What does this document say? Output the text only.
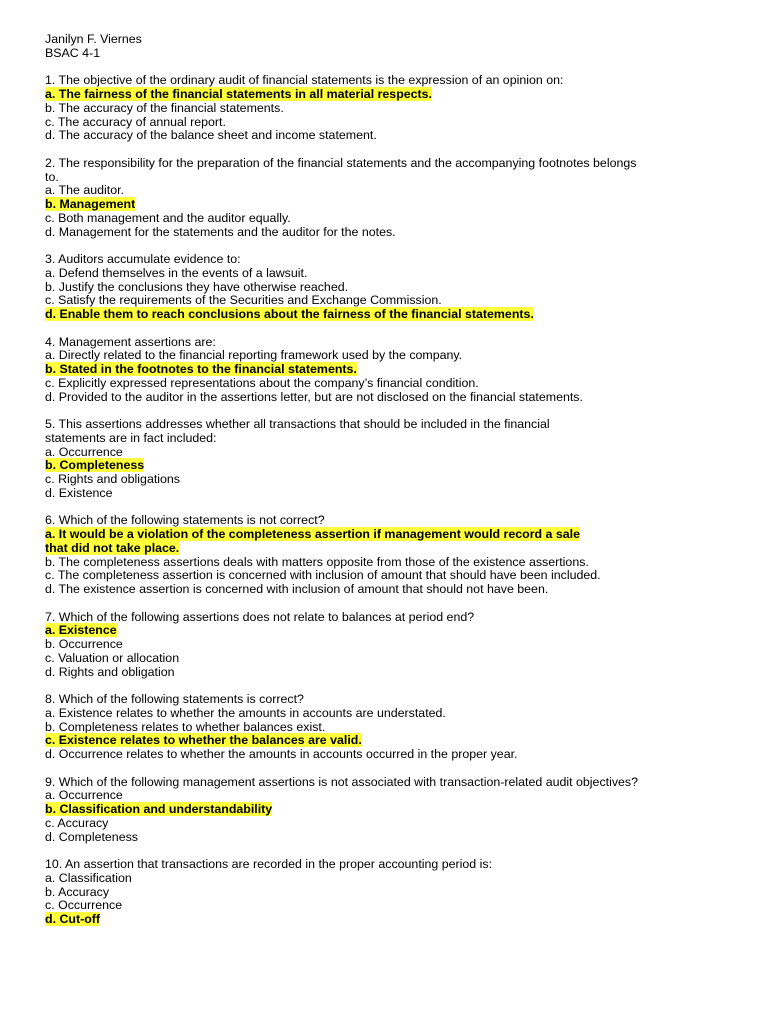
Janilyn F. Viernes
BSAC 4-1
1. The objective of the ordinary audit of financial statements is the expression of an opinion on:
a. The fairness of the financial statements in all material respects.
b. The accuracy of the financial statements.
c. The accuracy of annual report.
d. The accuracy of the balance sheet and income statement.
2. The responsibility for the preparation of the financial statements and the accompanying footnotes belongs
to.
a. The auditor.
b. Management
c. Both management and the auditor equally.
d. Management for the statements and the auditor for the notes.
3. Auditors accumulate evidence to:
a. Defend themselves in the events of a lawsuit.
b. Justify the conclusions they have otherwise reached.
c. Satisfy the requirements of the Securities and Exchange Commission.
d. Enable them to reach conclusions about the fairness of the financial statements.
4. Management assertions are:
a. Directly related to the financial reporting framework used by the company.
b. Stated in the footnotes to the financial statements.
c. Explicitly expressed representations about the company’s financial condition.
d. Provided to the auditor in the assertions letter, but are not disclosed on the financial statements.
5. This assertions addresses whether all transactions that should be included in the financial
statements are in fact included:
a. Occurrence
b. Completeness
c. Rights and obligations
d. Existence
6. Which of the following statements is not correct?
a. It would be a violation of the completeness assertion if management would record a sale
that did not take place.
b. The completeness assertions deals with matters opposite from those of the existence assertions.
c. The completeness assertion is concerned with inclusion of amount that should have been included.
d. The existence assertion is concerned with inclusion of amount that should not have been.
7. Which of the following assertions does not relate to balances at period end?
a. Existence
b. Occurrence
c. Valuation or allocation
d. Rights and obligation
8. Which of the following statements is correct?
a. Existence relates to whether the amounts in accounts are understated.
b. Completeness relates to whether balances exist.
c. Existence relates to whether the balances are valid.
d. Occurrence relates to whether the amounts in accounts occurred in the proper year.
9. Which of the following management assertions is not associated with transaction-related audit objectives?
a. Occurrence
b. Classification and understandability
c. Accuracy
d. Completeness
10. An assertion that transactions are recorded in the proper accounting period is:
a. Classification
b. Accuracy
c. Occurrence
d. Cut-off
